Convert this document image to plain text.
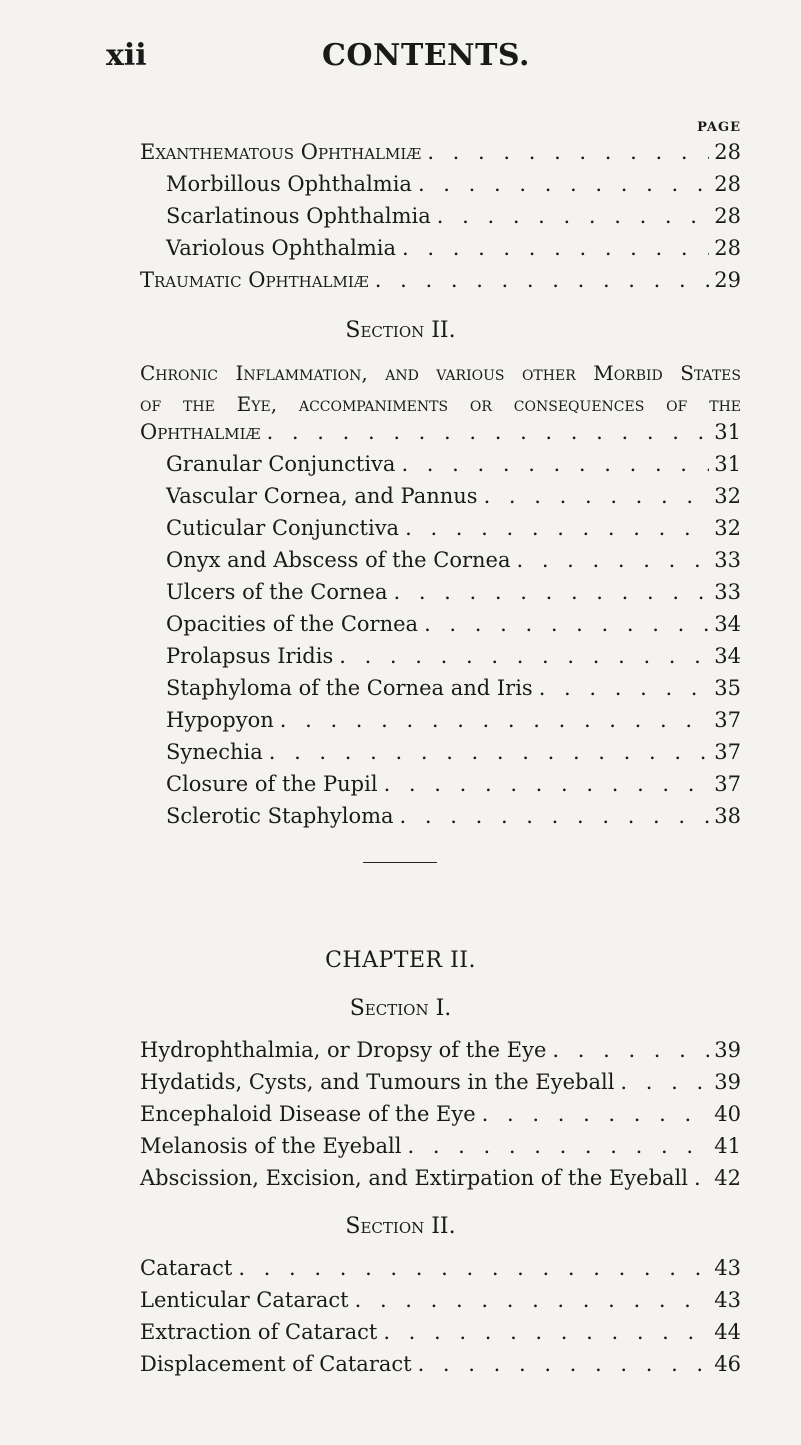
xii	CONTENTS.
PAGE
Exanthematous Ophthalmiæ . . .	28
Morbillous Ophthalmia . . .	28
Scarlatinous Ophthalmia . . .	28
Variolous Ophthalmia . . .	28
Traumatic Ophthalmiæ . . .	29
Section II.
Chronic Inflammation, and various other Morbid States
of the Eye, accompaniments or consequences of the
Ophthalmiæ . . .	31
Granular Conjunctiva . . .	31
Vascular Cornea, and Pannus . . .	32
Cuticular Conjunctiva . . .	32
Onyx and Abscess of the Cornea . . .	33
Ulcers of the Cornea . . .	33
Opacities of the Cornea . . .	34
Prolapsus Iridis . . .	34
Staphyloma of the Cornea and Iris . . .	35
Hypopyon . . .	37
Synechia . . .	37
Closure of the Pupil . . .	37
Sclerotic Staphyloma . . .	38
CHAPTER II.
Section I.
Hydrophthalmia, or Dropsy of the Eye . . .	39
Hydatids, Cysts, and Tumours in the Eyeball . . .	39
Encephaloid Disease of the Eye . . .	40
Melanosis of the Eyeball . . .	41
Abscission, Excision, and Extirpation of the Eyeball . . . 42
Section II.
Cataract . . .	43
Lenticular Cataract . . .	43
Extraction of Cataract . . .	44
Displacement of Cataract . . .	46
